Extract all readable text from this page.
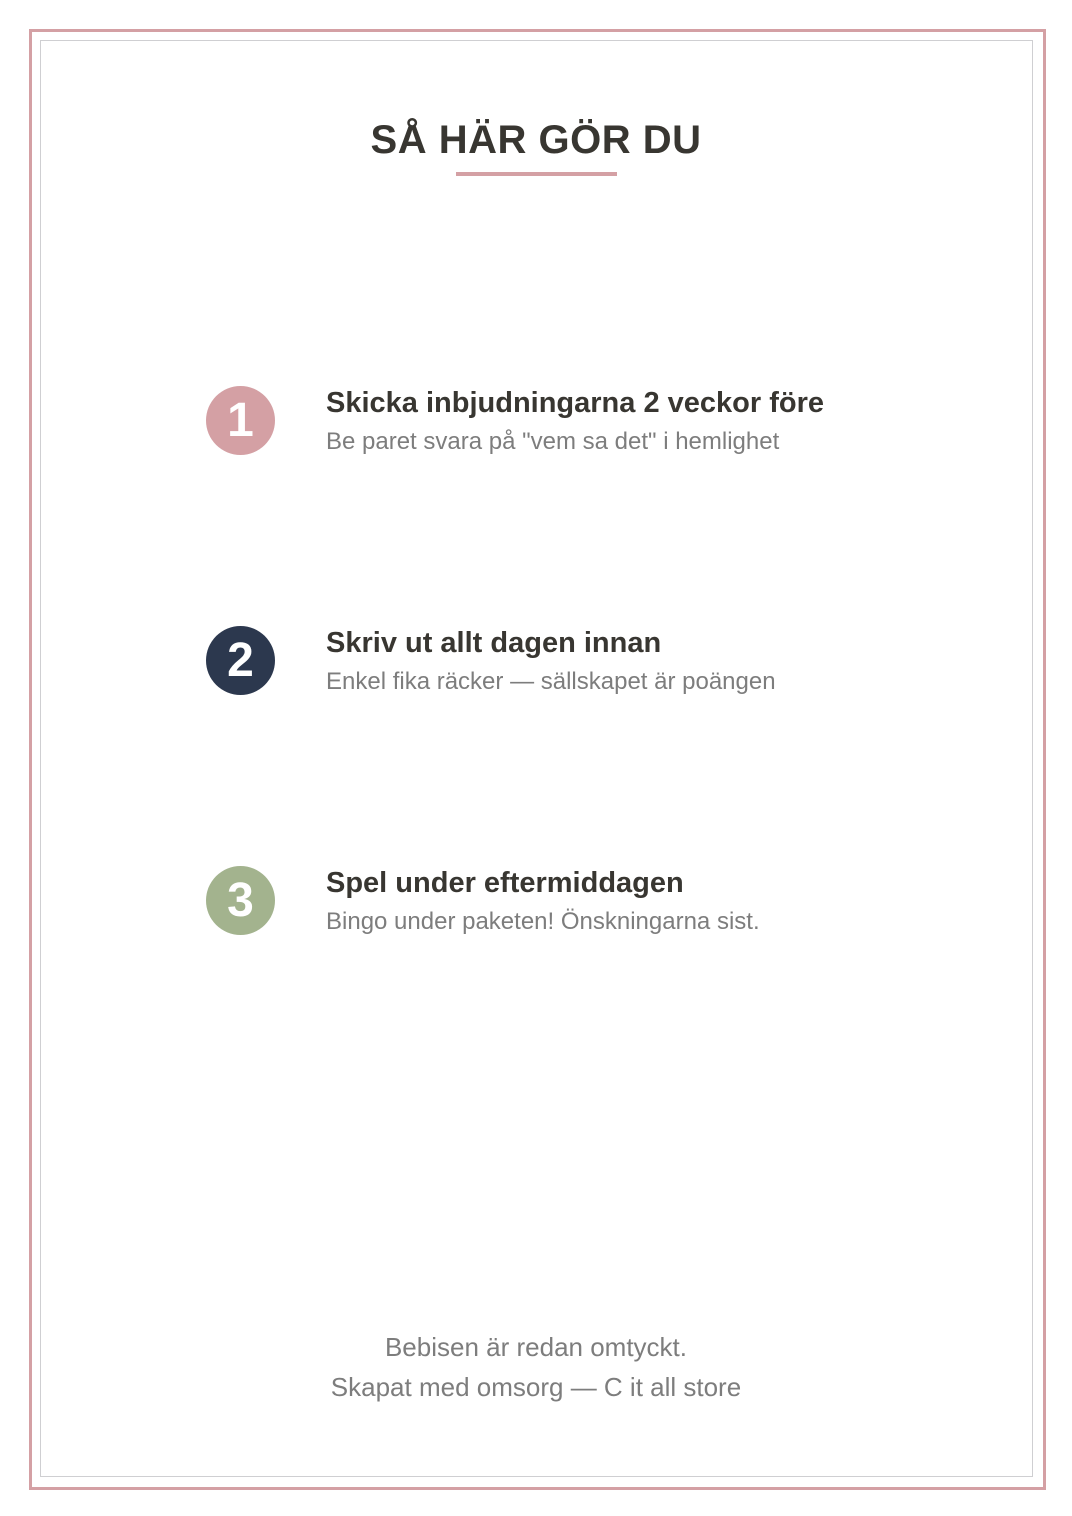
SÅ HÄR GÖR DU
1	Skicka inbjudningarna 2 veckor före
Be paret svara på "vem sa det" i hemlighet
2	Skriv ut allt dagen innan
Enkel fika räcker — sällskapet är poängen
3	Spel under eftermiddagen
Bingo under paketen! Önskningarna sist.
Bebisen är redan omtyckt.
Skapat med omsorg — C it all store
